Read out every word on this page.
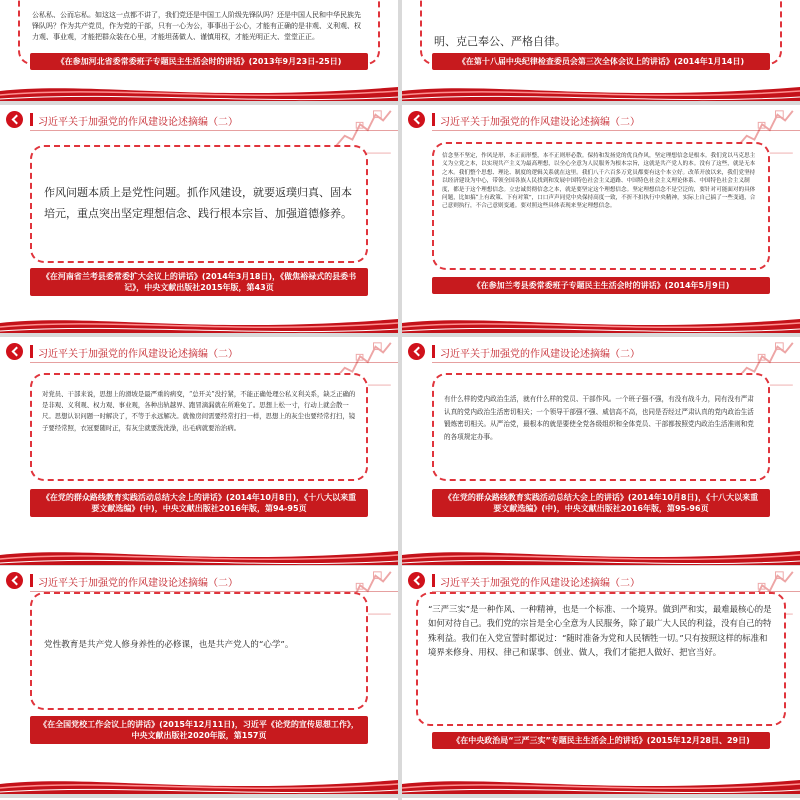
公私私、公而忘私。如这这一点都不讲了，我们党还是中国工人阶级先锋队吗？还是中国人民和中华民族先锋队吗？作为共产党员，作为党的干部，只有一心为公，事事出于公心，才能有正确的是非观、义利观、权力观、事业观，才能把群众装在心里，才能坦荡做人、谨慎用权，才能光明正大、堂堂正正。

《在参加河北省委常委班子专题民主生活会时的讲话》(2013年9月23日-25日)

明、克己奉公、严格自律。

《在第十八届中央纪律检查委员会第三次全体会议上的讲话》(2014年1月14日)
习近平关于加强党的作风建设论述摘编（二）

作风问题本质上是党性问题。抓作风建设，就要返璞归真、固本培元，重点突出坚定理想信念、践行根本宗旨、加强道德修养。

《在河南省兰考县委常委扩大会议上的讲话》(2014年3月18日)，《做焦裕禄式的县委书记》，中央文献出版社2015年版，第43页
习近平关于加强党的作风建设论述摘编（二）

信念坚不坚定，作风是形，本正而形整，本不正则形必散。保持和发扬党的优良作风，坚定理想信念是根本。我们党以马克思主义为立党之本，以实现共产主义为最高理想，以全心全意为人民服务为根本宗旨，这就是共产党人的本。没有了这些，就是无本之木。我们整个思想、理论、制度的逻辑关系就在这里。我们八千六百多万党员都要有这个本立好。改革开放以来，我们党坚持以经济建设为中心，带领全国各族人民找到和发展中国特色社会主义道路、中国特色社会主义理论体系、中国特色社会主义制度，都是于这个理想信念。立忠诚贯彻信念之本，就是要坚定这个理想信念。坚定理想信念不是空泛的，要针对可能面对的具体问题，比如搞“上有政策、下有对策”，口口声声同党中央保持高度一致，不折不扣执行中央精神，实际上自己搞了一些变通，合己意则执行，不合己意则变通。要对照这些具体表现来坚定理想信念。

《在参加兰考县委常委班子专题民主生活会时的讲话》(2014年5月9日)
习近平关于加强党的作风建设论述摘编（二）

对党员、干部来说，思想上的滑坡是最严重的病变，“总开关”没拧紧，不能正确处理公私义利关系，缺乏正确的是非观、义利观、权力观、事业观，各种出轨越界、跑冒滴漏就在所难免了。思想上松一寸，行动上就会散一尺。思想认识问题一时解决了，不等于永远解决。就像房间需要经常打扫一样，思想上的灰尘也要经常打扫，镜子要经常照，衣冠要随时正，有灰尘就要洗洗澡，出毛病就要治治病。

《在党的群众路线教育实践活动总结大会上的讲话》(2014年10月8日)，《十八大以来重要文献选编》(中)，中央文献出版社2016年版，第94-95页
习近平关于加强党的作风建设论述摘编（二）

有什么样的党内政治生活，就有什么样的党员、干部作风。一个班子强不强，有没有战斗力，同有没有严肃认真的党内政治生活密切相关；一个领导干部强不强、威信高不高，也同是否经过严肃认真的党内政治生活锻炼密切相关。从严治党，最根本的就是要使全党各级组织和全体党员、干部都按照党内政治生活准则和党的各项规定办事。

《在党的群众路线教育实践活动总结大会上的讲话》(2014年10月8日)，《十八大以来重要文献选编》(中)，中央文献出版社2016年版，第95-96页
习近平关于加强党的作风建设论述摘编（二）

党性教育是共产党人修身养性的必修课，也是共产党人的“心学”。

《在全国党校工作会议上的讲话》(2015年12月11日)，习近平《论党的宣传思想工作》，中央文献出版社2020年版，第157页
习近平关于加强党的作风建设论述摘编（二）

“三严三实”是一种作风、一种精神，也是一个标准、一个境界。做到严和实，最难最核心的是如何对待自己。我们党的宗旨是全心全意为人民服务，除了最广大人民的利益，没有自己的特殊利益。我们在入党宣誓时都说过：“随时准备为党和人民牺牲一切。”只有按照这样的标准和境界来修身、用权、律己和谋事、创业、做人，我们才能把人做好、把官当好。

《在中央政治局“三严三实”专题民主生活会上的讲话》(2015年12月28日、29日)
